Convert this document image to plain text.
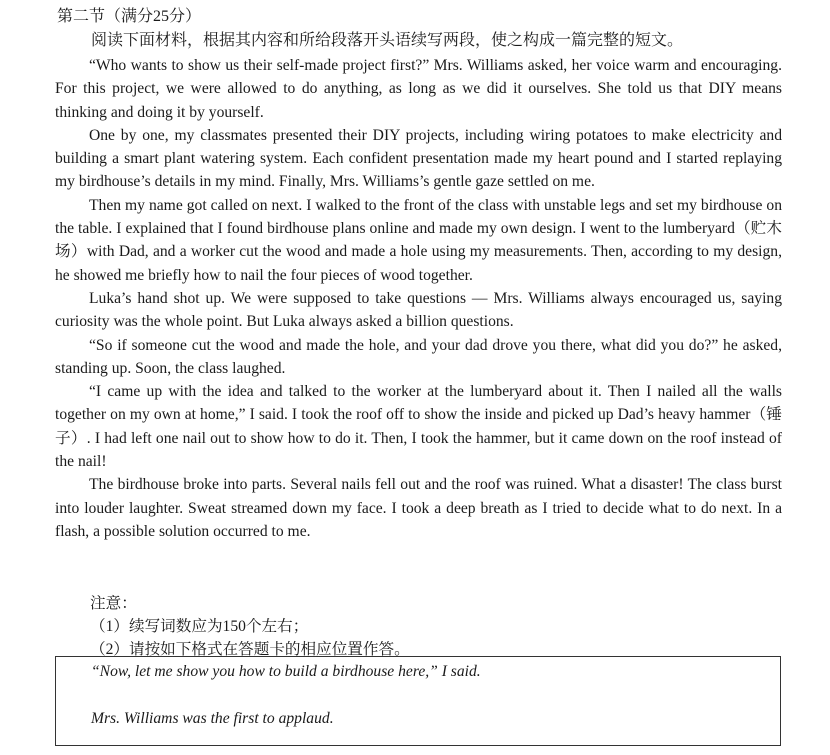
第二节（满分25分）
阅读下面材料，根据其内容和所给段落开头语续写两段，使之构成一篇完整的短文。

“Who wants to show us their self-made project first?” Mrs. Williams asked, her voice warm and encouraging. For this project, we were allowed to do anything, as long as we did it ourselves. She told us that DIY means thinking and doing it by yourself.

One by one, my classmates presented their DIY projects, including wiring potatoes to make electricity and building a smart plant watering system. Each confident presentation made my heart pound and I started replaying my birdhouse’s details in my mind. Finally, Mrs. Williams’s gentle gaze settled on me.

Then my name got called on next. I walked to the front of the class with unstable legs and set my birdhouse on the table. I explained that I found birdhouse plans online and made my own design. I went to the lumberyard（贮木场）with Dad, and a worker cut the wood and made a hole using my measurements. Then, according to my design, he showed me briefly how to nail the four pieces of wood together.

Luka’s hand shot up. We were supposed to take questions — Mrs. Williams always encouraged us, saying curiosity was the whole point. But Luka always asked a billion questions.

“So if someone cut the wood and made the hole, and your dad drove you there, what did you do?” he asked, standing up. Soon, the class laughed.

“I came up with the idea and talked to the worker at the lumberyard about it. Then I nailed all the walls together on my own at home,” I said. I took the roof off to show the inside and picked up Dad’s heavy hammer（锤子）. I had left one nail out to show how to do it. Then, I took the hammer, but it came down on the roof instead of the nail!

The birdhouse broke into parts. Several nails fell out and the roof was ruined. What a disaster! The class burst into louder laughter. Sweat streamed down my face. I took a deep breath as I tried to decide what to do next. In a flash, a possible solution occurred to me.

注意：
（1）续写词数应为150个左右；
（2）请按如下格式在答题卡的相应位置作答。
“Now, let me show you how to build a birdhouse here,” I said.
Mrs. Williams was the first to applaud.
